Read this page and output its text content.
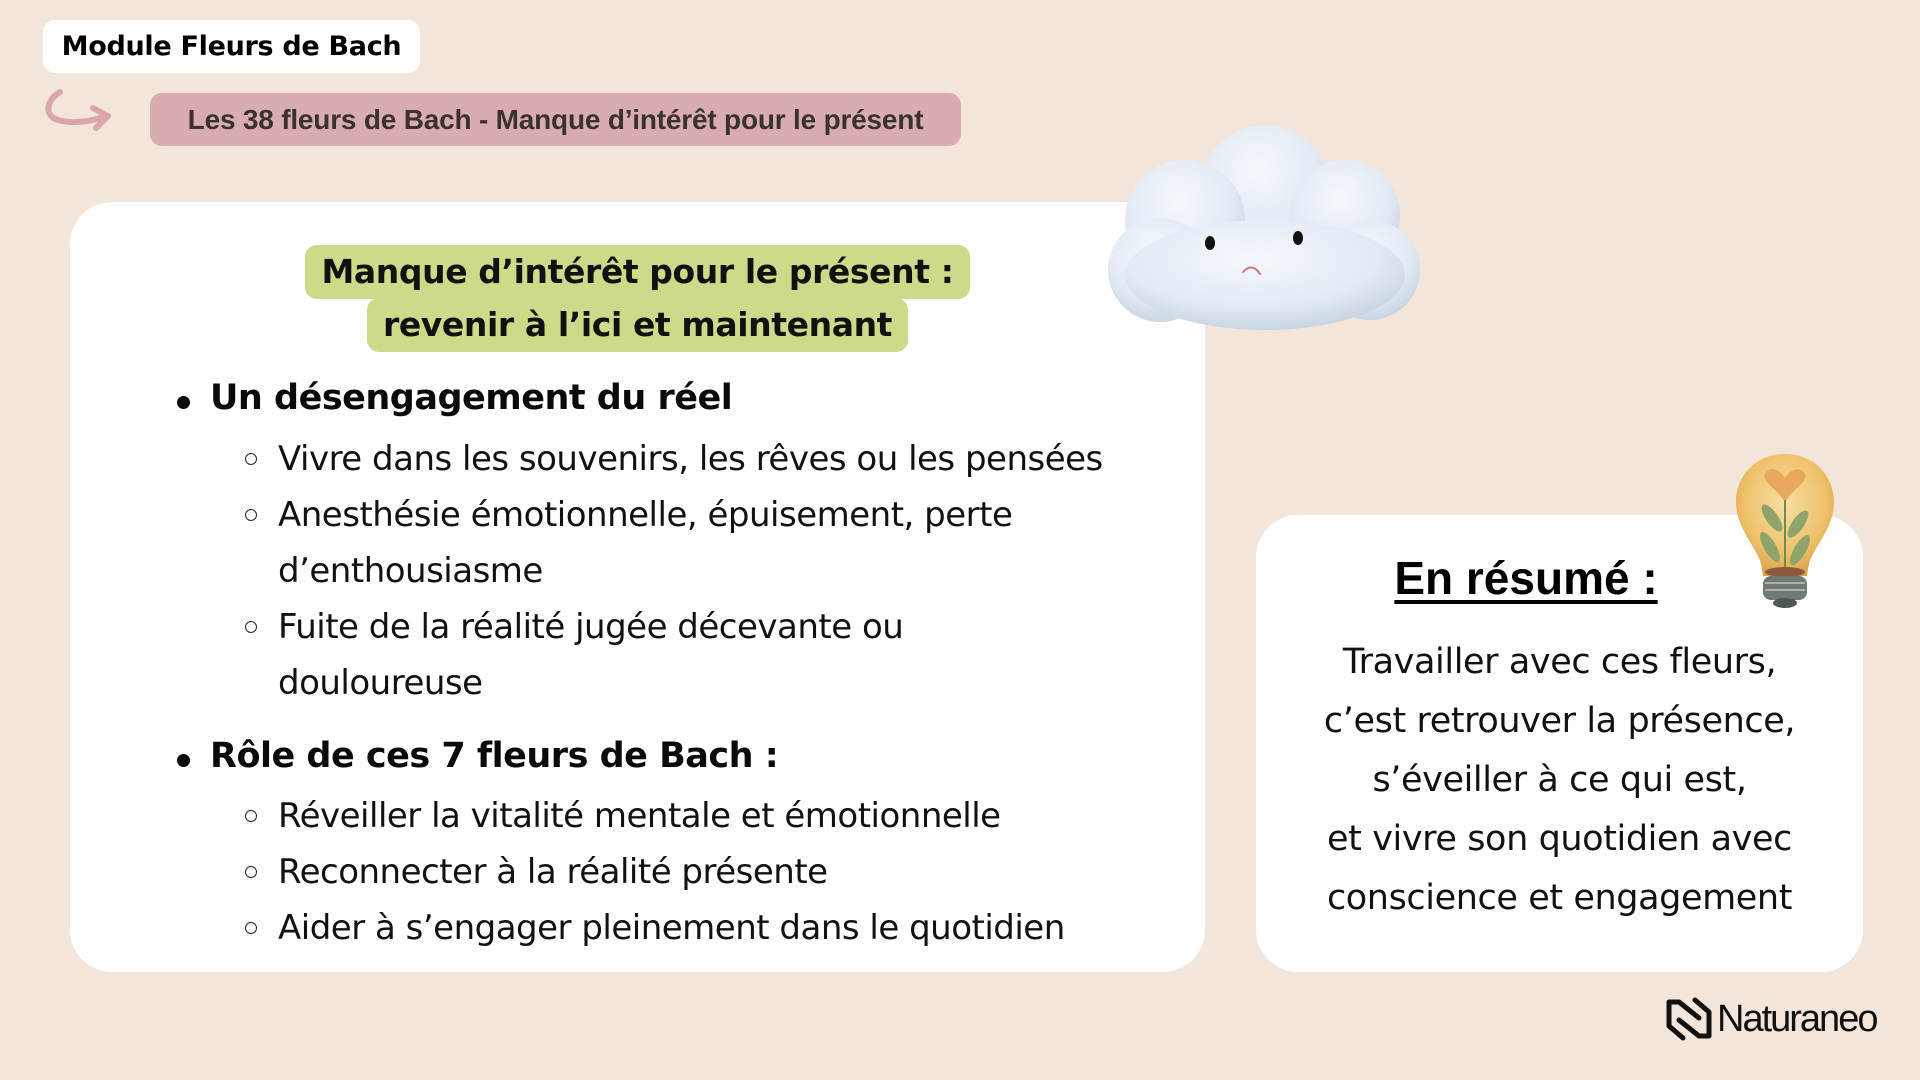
Module Fleurs de Bach
Les 38 fleurs de Bach - Manque d’intérêt pour le présent
Manque d’intérêt pour le présent :
revenir à l’ici et maintenant
Un désengagement du réel
Vivre dans les souvenirs, les rêves ou les pensées
Anesthésie émotionnelle, épuisement, perte
d’enthousiasme
Fuite de la réalité jugée décevante ou
douloureuse
Rôle de ces 7 fleurs de Bach :
Réveiller la vitalité mentale et émotionnelle
Reconnecter à la réalité présente
Aider à s’engager pleinement dans le quotidien
En résumé :
Travailler avec ces fleurs,
c’est retrouver la présence,
s’éveiller à ce qui est,
et vivre son quotidien avec
conscience et engagement
Naturaneo
